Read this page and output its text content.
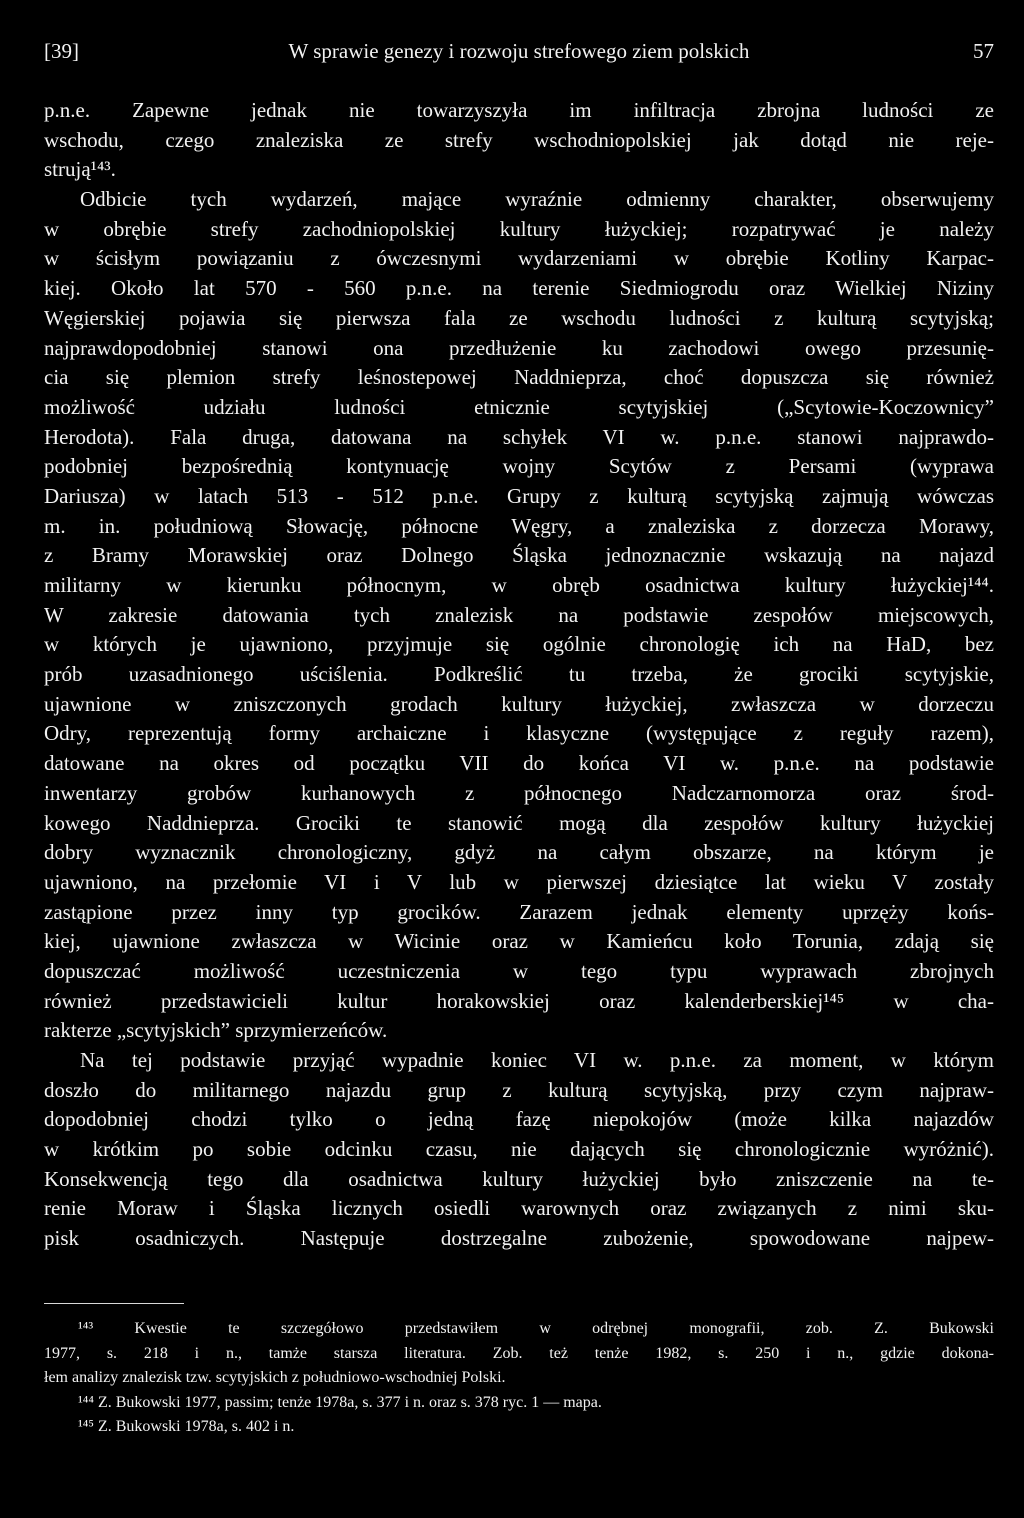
[39]	W sprawie genezy i rozwoju strefowego ziem polskich	57
p.n.e. Zapewne jednak nie towarzyszyła im infiltracja zbrojna ludności ze
wschodu, czego znaleziska ze strefy wschodniopolskiej jak dotąd nie reje-
strują¹⁴³.
Odbicie tych wydarzeń, mające wyraźnie odmienny charakter, obserwujemy
w obrębie strefy zachodniopolskiej kultury łużyckiej; rozpatrywać je należy
w ścisłym powiązaniu z ówczesnymi wydarzeniami w obrębie Kotliny Karpac-
kiej. Około lat 570 - 560 p.n.e. na terenie Siedmiogrodu oraz Wielkiej Niziny
Węgierskiej pojawia się pierwsza fala ze wschodu ludności z kulturą scytyjską;
najprawdopodobniej stanowi ona przedłużenie ku zachodowi owego przesunię-
cia się plemion strefy leśnostepowej Naddnieprza, choć dopuszcza się również
możliwość udziału ludności etnicznie scytyjskiej („Scytowie-Koczownicy”
Herodota). Fala druga, datowana na schyłek VI w. p.n.e. stanowi najprawdo-
podobniej bezpośrednią kontynuację wojny Scytów z Persami (wyprawa
Dariusza) w latach 513 - 512 p.n.e. Grupy z kulturą scytyjską zajmują wówczas
m. in. południową Słowację, północne Węgry, a znaleziska z dorzecza Morawy,
z Bramy Morawskiej oraz Dolnego Śląska jednoznacznie wskazują na najazd
militarny w kierunku północnym, w obręb osadnictwa kultury łużyckiej¹⁴⁴.
W zakresie datowania tych znalezisk na podstawie zespołów miejscowych,
w których je ujawniono, przyjmuje się ogólnie chronologię ich na HaD, bez
prób uzasadnionego uściślenia. Podkreślić tu trzeba, że grociki scytyjskie,
ujawnione w zniszczonych grodach kultury łużyckiej, zwłaszcza w dorzeczu
Odry, reprezentują formy archaiczne i klasyczne (występujące z reguły razem),
datowane na okres od początku VII do końca VI w. p.n.e. na podstawie
inwentarzy grobów kurhanowych z północnego Nadczarnomorza oraz środ-
kowego Naddnieprza. Grociki te stanowić mogą dla zespołów kultury łużyckiej
dobry wyznacznik chronologiczny, gdyż na całym obszarze, na którym je
ujawniono, na przełomie VI i V lub w pierwszej dziesiątce lat wieku V zostały
zastąpione przez inny typ grocików. Zarazem jednak elementy uprzęży końs-
kiej, ujawnione zwłaszcza w Wicinie oraz w Kamieńcu koło Torunia, zdają się
dopuszczać możliwość uczestniczenia w tego typu wyprawach zbrojnych
również przedstawicieli kultur horakowskiej oraz kalenderberskiej¹⁴⁵ w cha-
rakterze „scytyjskich” sprzymierzeńców.
Na tej podstawie przyjąć wypadnie koniec VI w. p.n.e. za moment, w którym
doszło do militarnego najazdu grup z kulturą scytyjską, przy czym najpraw-
dopodobniej chodzi tylko o jedną fazę niepokojów (może kilka najazdów
w krótkim po sobie odcinku czasu, nie dających się chronologicznie wyróżnić).
Konsekwencją tego dla osadnictwa kultury łużyckiej było zniszczenie na te-
renie Moraw i Śląska licznych osiedli warownych oraz związanych z nimi sku-
pisk osadniczych. Następuje dostrzegalne zubożenie, spowodowane najpew-
¹⁴³ Kwestie te szczegółowo przedstawiłem w odrębnej monografii, zob. Z. Bukowski
1977, s. 218 i n., tamże starsza literatura. Zob. też tenże 1982, s. 250 i n., gdzie dokona-
łem analizy znalezisk tzw. scytyjskich z południowo-wschodniej Polski.
¹⁴⁴ Z. Bukowski 1977, passim; tenże 1978a, s. 377 i n. oraz s. 378 ryc. 1 — mapa.
¹⁴⁵ Z. Bukowski 1978a, s. 402 i n.
